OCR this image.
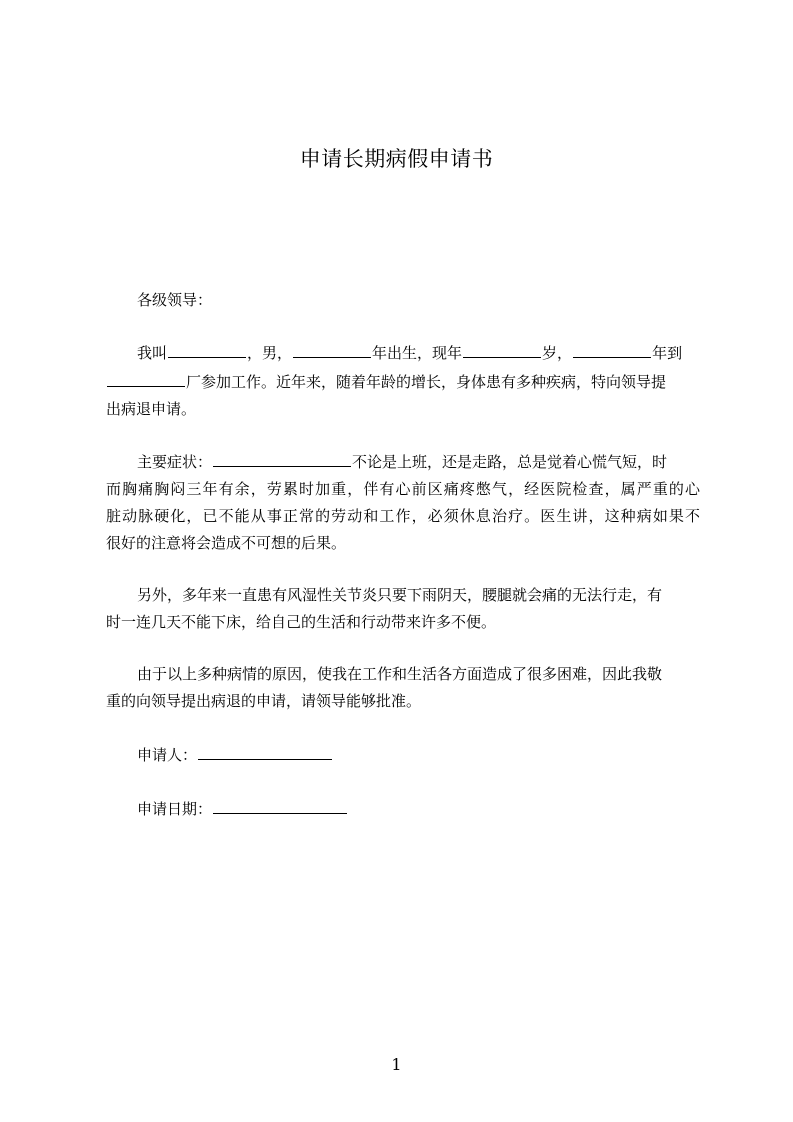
申请长期病假申请书
各级领导：
我叫	，男，	年出生，现年	岁，	年到
厂参加工作。近年来，随着年龄的增长，身体患有多种疾病，特向领导提
出病退申请。
主要症状：	不论是上班，还是走路，总是觉着心慌气短，时
而胸痛胸闷三年有余，劳累时加重，伴有心前区痛疼憋气，经医院检查，属严重的心
脏动脉硬化，已不能从事正常的劳动和工作，必须休息治疗。医生讲，这种病如果不
很好的注意将会造成不可想的后果。
另外，多年来一直患有风湿性关节炎只要下雨阴天，腰腿就会痛的无法行走，有
时一连几天不能下床，给自己的生活和行动带来许多不便。
由于以上多种病情的原因，使我在工作和生活各方面造成了很多困难，因此我敬
重的向领导提出病退的申请，请领导能够批准。
申请人：
申请日期：
1
